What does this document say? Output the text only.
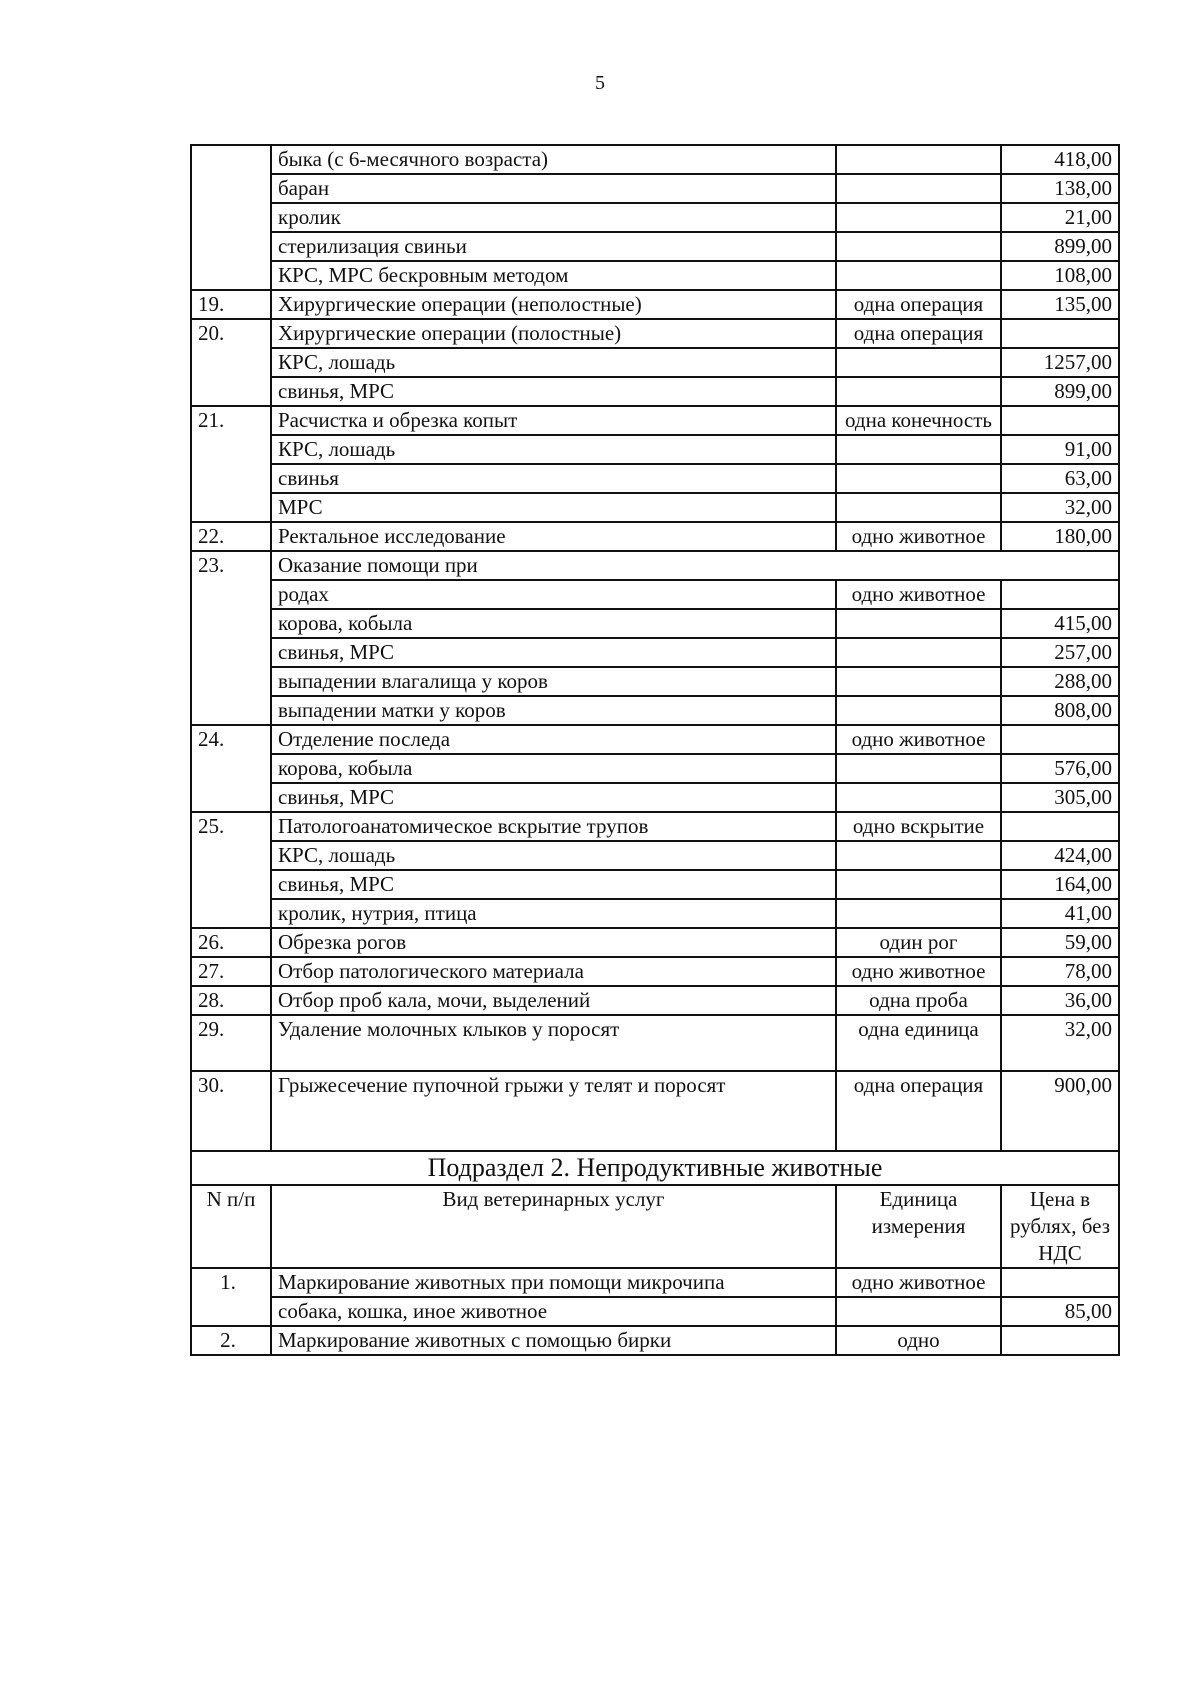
5
	быка (с 6-месячного возраста)		418,00
	баран		138,00
	кролик		21,00
	стерилизация свиньи		899,00
	КРС, МРС бескровным методом		108,00
19.	Хирургические операции (неполостные)	одна операция	135,00
20.	Хирургические операции (полостные)	одна операция	
	КРС, лошадь		1257,00
	свинья, МРС		899,00
21.	Расчистка и обрезка копыт	одна конечность	
	КРС, лошадь		91,00
	свинья		63,00
	МРС		32,00
22.	Ректальное исследование	одно животное	180,00
23.	Оказание помощи при		
	родах	одно животное	
	корова, кобыла		415,00
	свинья, МРС		257,00
	выпадении влагалища у коров		288,00
	выпадении матки у коров		808,00
24.	Отделение последа	одно животное	
	корова, кобыла		576,00
	свинья, МРС		305,00
25.	Патологоанатомическое вскрытие трупов	одно вскрытие	
	КРС, лошадь		424,00
	свинья, МРС		164,00
	кролик, нутрия, птица		41,00
26.	Обрезка рогов	один рог	59,00
27.	Отбор патологического материала	одно животное	78,00
28.	Отбор проб кала, мочи, выделений	одна проба	36,00
29.	Удаление молочных клыков у поросят	одна единица	32,00
30.	Грыжесечение пупочной грыжи у телят и поросят	одна операция	900,00
Подраздел 2. Непродуктивные животные			
N п/п	Вид ветеринарных услуг	Единица измерения	Цена в рублях, без НДС
1.	Маркирование животных при помощи микрочипа	одно животное	
	собака, кошка, иное животное		85,00
2.	Маркирование животных с помощью бирки	одно	
